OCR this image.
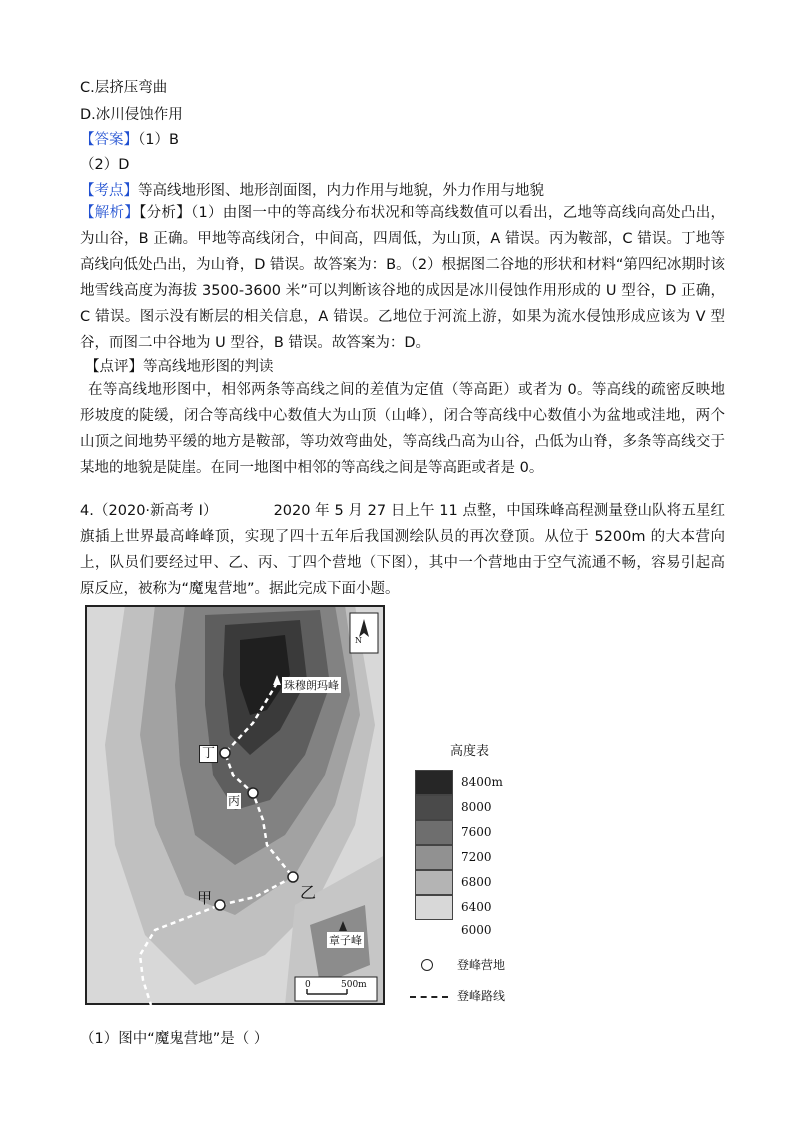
C.层挤压弯曲
D.冰川侵蚀作用
【答案】（1）B
（2）D
【考点】等高线地形图、地形剖面图，内力作用与地貌，外力作用与地貌
【解析】【分析】（1）由图一中的等高线分布状况和等高线数值可以看出，乙地等高线向高处凸出，为山谷，B 正确。甲地等高线闭合，中间高，四周低，为山顶，A 错误。丙为鞍部，C 错误。丁地等高线向低处凸出，为山脊，D 错误。故答案为：B。（2）根据图二谷地的形状和材料“第四纪冰期时该地雪线高度为海拔 3500-3600 米”可以判断该谷地的成因是冰川侵蚀作用形成的 U 型谷，D 正确，C 错误。图示没有断层的相关信息，A 错误。乙地位于河流上游，如果为流水侵蚀形成应该为 V 型谷，而图二中谷地为 U 型谷，B 错误。故答案为：D。
【点评】等高线地形图的判读
在等高线地形图中，相邻两条等高线之间的差值为定值（等高距）或者为 0。等高线的疏密反映地形坡度的陡缓，闭合等高线中心数值大为山顶（山峰），闭合等高线中心数值小为盆地或洼地，两个山顶之间地势平缓的地方是鞍部，等功效弯曲处，等高线凸高为山谷，凸低为山脊，多条等高线交于某地的地貌是陡崖。在同一地图中相邻的等高线之间是等高距或者是 0。
4.（2020·新高考 I）	2020 年 5 月 27 日上午 11 点整，中国珠峰高程测量登山队将五星红旗插上世界最高峰峰顶，实现了四十五年后我国测绘队员的再次登顶。从位于 5200m 的大本营向上，队员们要经过甲、乙、丙、丁四个营地（下图），其中一个营地由于空气流通不畅，容易引起高原反应，被称为“魔鬼营地”。据此完成下面小题。
N
珠穆朗玛峰
丁
丙
乙
甲
章子峰
0	500m
高度表
8400m
8000
7600
7200
6800
6400
6000
登峰营地
登峰路线
（1）图中“魔鬼营地”是（ ）
